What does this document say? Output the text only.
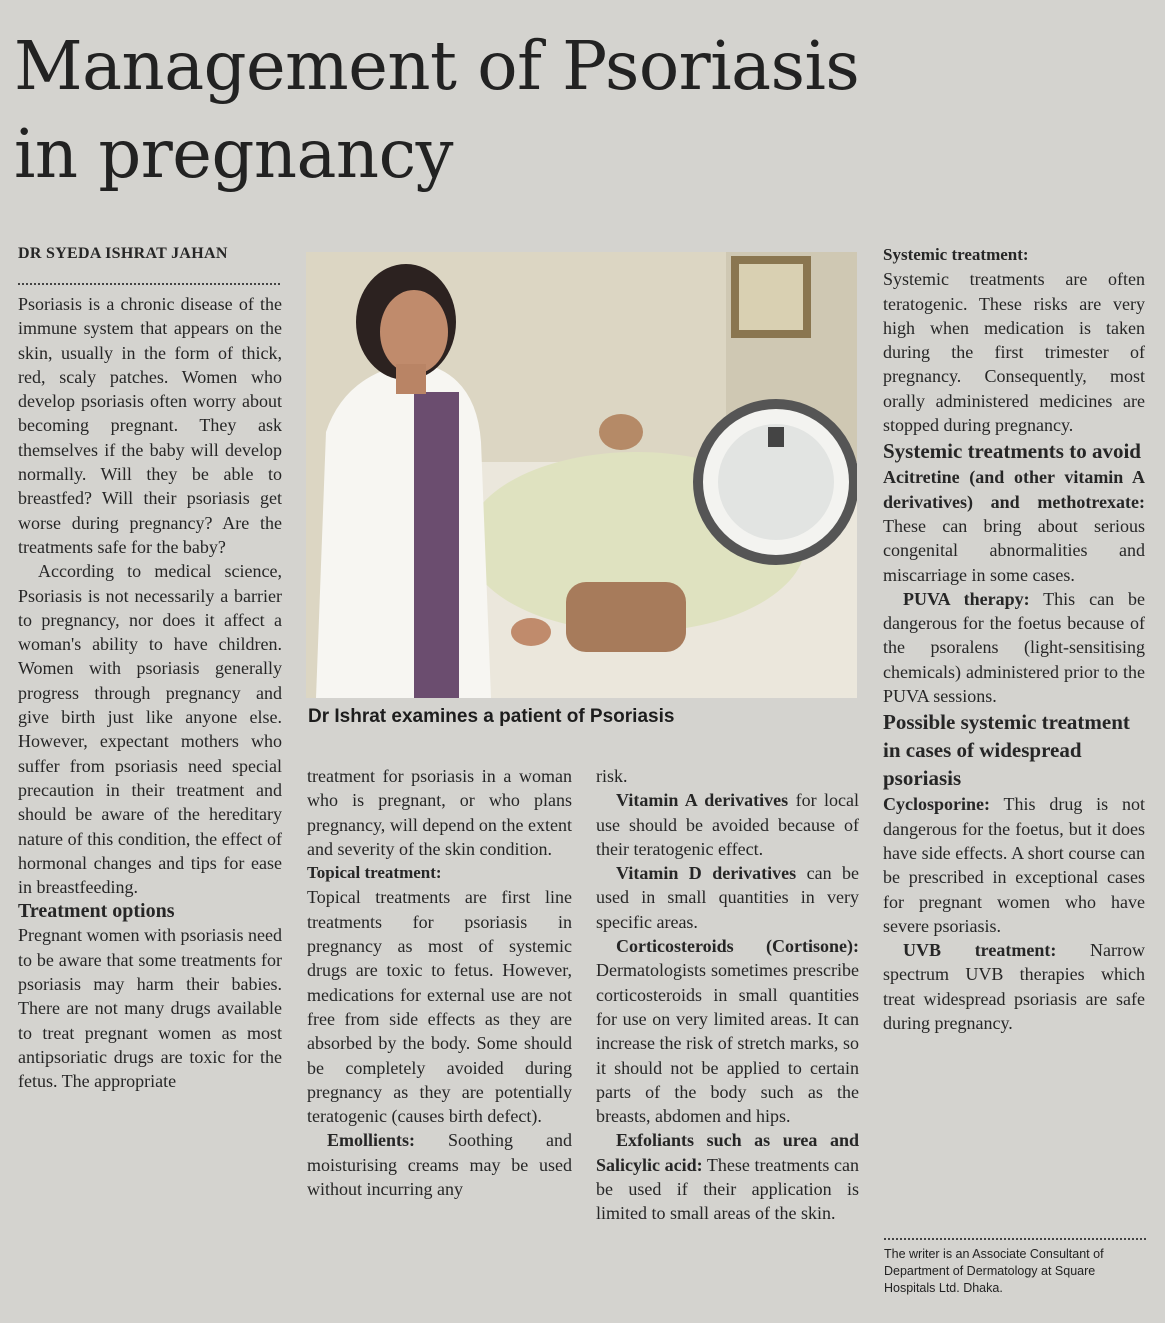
Management of Psoriasis
in pregnancy
DR SYEDA ISHRAT JAHAN
Dr Ishrat examines a patient of Psoriasis

Psoriasis is a chronic disease of the immune system that appears on the skin, usually in the form of thick, red, scaly patches. Women who develop psoriasis often worry about becoming pregnant. They ask themselves if the baby will develop normally. Will they be able to breastfed? Will their psoriasis get worse during pregnancy? Are the treatments safe for the baby?

According to medical science, Psoriasis is not necessarily a barrier to pregnancy, nor does it affect a woman's ability to have children. Women with psoriasis generally progress through pregnancy and give birth just like anyone else. However, expectant mothers who suffer from psoriasis need special precaution in their treatment and should be aware of the hereditary nature of this condition, the effect of hormonal changes and tips for ease in breastfeeding.

Treatment options

Pregnant women with psoriasis need to be aware that some treatments for psoriasis may harm their babies. There are not many drugs available to treat pregnant women as most antipsoriatic drugs are toxic for the fetus. The appropriate

treatment for psoriasis in a woman who is pregnant, or who plans pregnancy, will depend on the extent and severity of the skin condition.

Topical treatment:

Topical treatments are first line treatments for psoriasis in pregnancy as most of systemic drugs are toxic to fetus. However, medications for external use are not free from side effects as they are absorbed by the body. Some should be completely avoided during pregnancy as they are potentially teratogenic (causes birth defect).

Emollients: Soothing and moisturising creams may be used without incurring any

risk.

Vitamin A derivatives for local use should be avoided because of their teratogenic effect.

Vitamin D derivatives can be used in small quantities in very specific areas.

Corticosteroids (Cortisone): Dermatologists sometimes prescribe corticosteroids in small quantities for use on very limited areas. It can increase the risk of stretch marks, so it should not be applied to certain parts of the body such as the breasts, abdomen and hips.

Exfoliants such as urea and Salicylic acid: These treatments can be used if their application is limited to small areas of the skin.

Systemic treatment:

Systemic treatments are often teratogenic. These risks are very high when medication is taken during the first trimester of pregnancy. Consequently, most orally administered medicines are stopped during pregnancy.

Systemic treatments to avoid

Acitretine (and other vitamin A derivatives) and methotrexate: These can bring about serious congenital abnormalities and miscarriage in some cases.

PUVA therapy: This can be dangerous for the foetus because of the psoralens (light-sensitising chemicals) administered prior to the PUVA sessions.

Possible systemic treatment in cases of widespread psoriasis

Cyclosporine: This drug is not dangerous for the foetus, but it does have side effects. A short course can be prescribed in exceptional cases for pregnant women who have severe psoriasis.

UVB treatment: Narrow spectrum UVB therapies which treat widespread psoriasis are safe during pregnancy.

The writer is an Associate Consultant of Department of Dermatology at Square Hospitals Ltd. Dhaka.
